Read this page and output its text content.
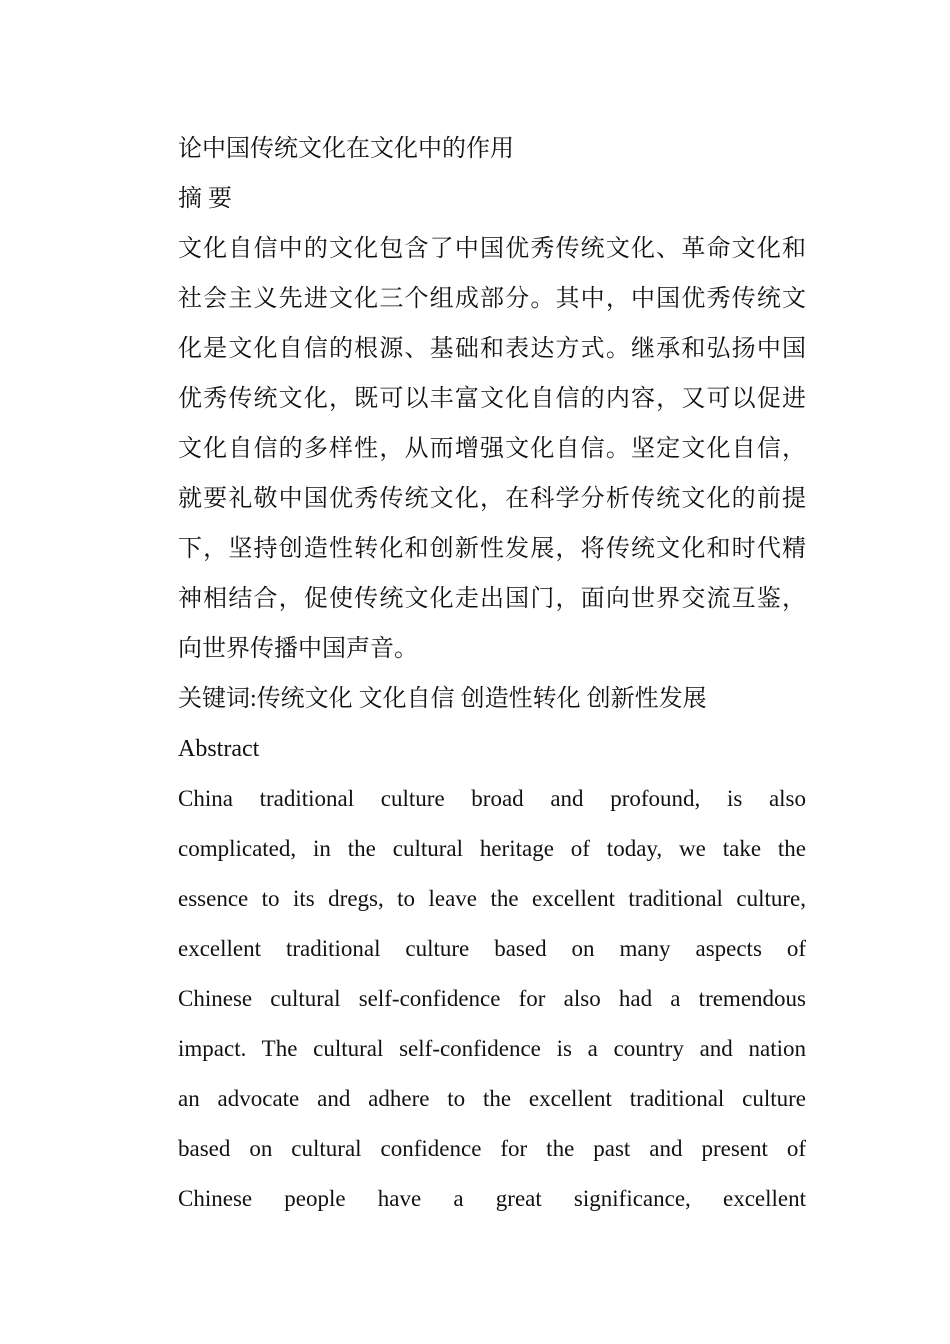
论中国传统文化在文化中的作用
摘 要
文化自信中的文化包含了中国优秀传统文化、革命文化和
社会主义先进文化三个组成部分。其中，中国优秀传统文
化是文化自信的根源、基础和表达方式。继承和弘扬中国
优秀传统文化，既可以丰富文化自信的内容，又可以促进
文化自信的多样性，从而增强文化自信。坚定文化自信，
就要礼敬中国优秀传统文化，在科学分析传统文化的前提
下，坚持创造性转化和创新性发展，将传统文化和时代精
神相结合，促使传统文化走出国门，面向世界交流互鉴，
向世界传播中国声音。
关键词:传统文化 文化自信 创造性转化 创新性发展
Abstract
China traditional culture broad and profound, is also
complicated, in the cultural heritage of today, we take the
essence to its dregs, to leave the excellent traditional culture,
excellent traditional culture based on many aspects of
Chinese cultural self-confidence for also had a tremendous
impact. The cultural self-confidence is a country and nation
an advocate and adhere to the excellent traditional culture
based on cultural confidence for the past and present of
Chinese people have a great significance, excellent
